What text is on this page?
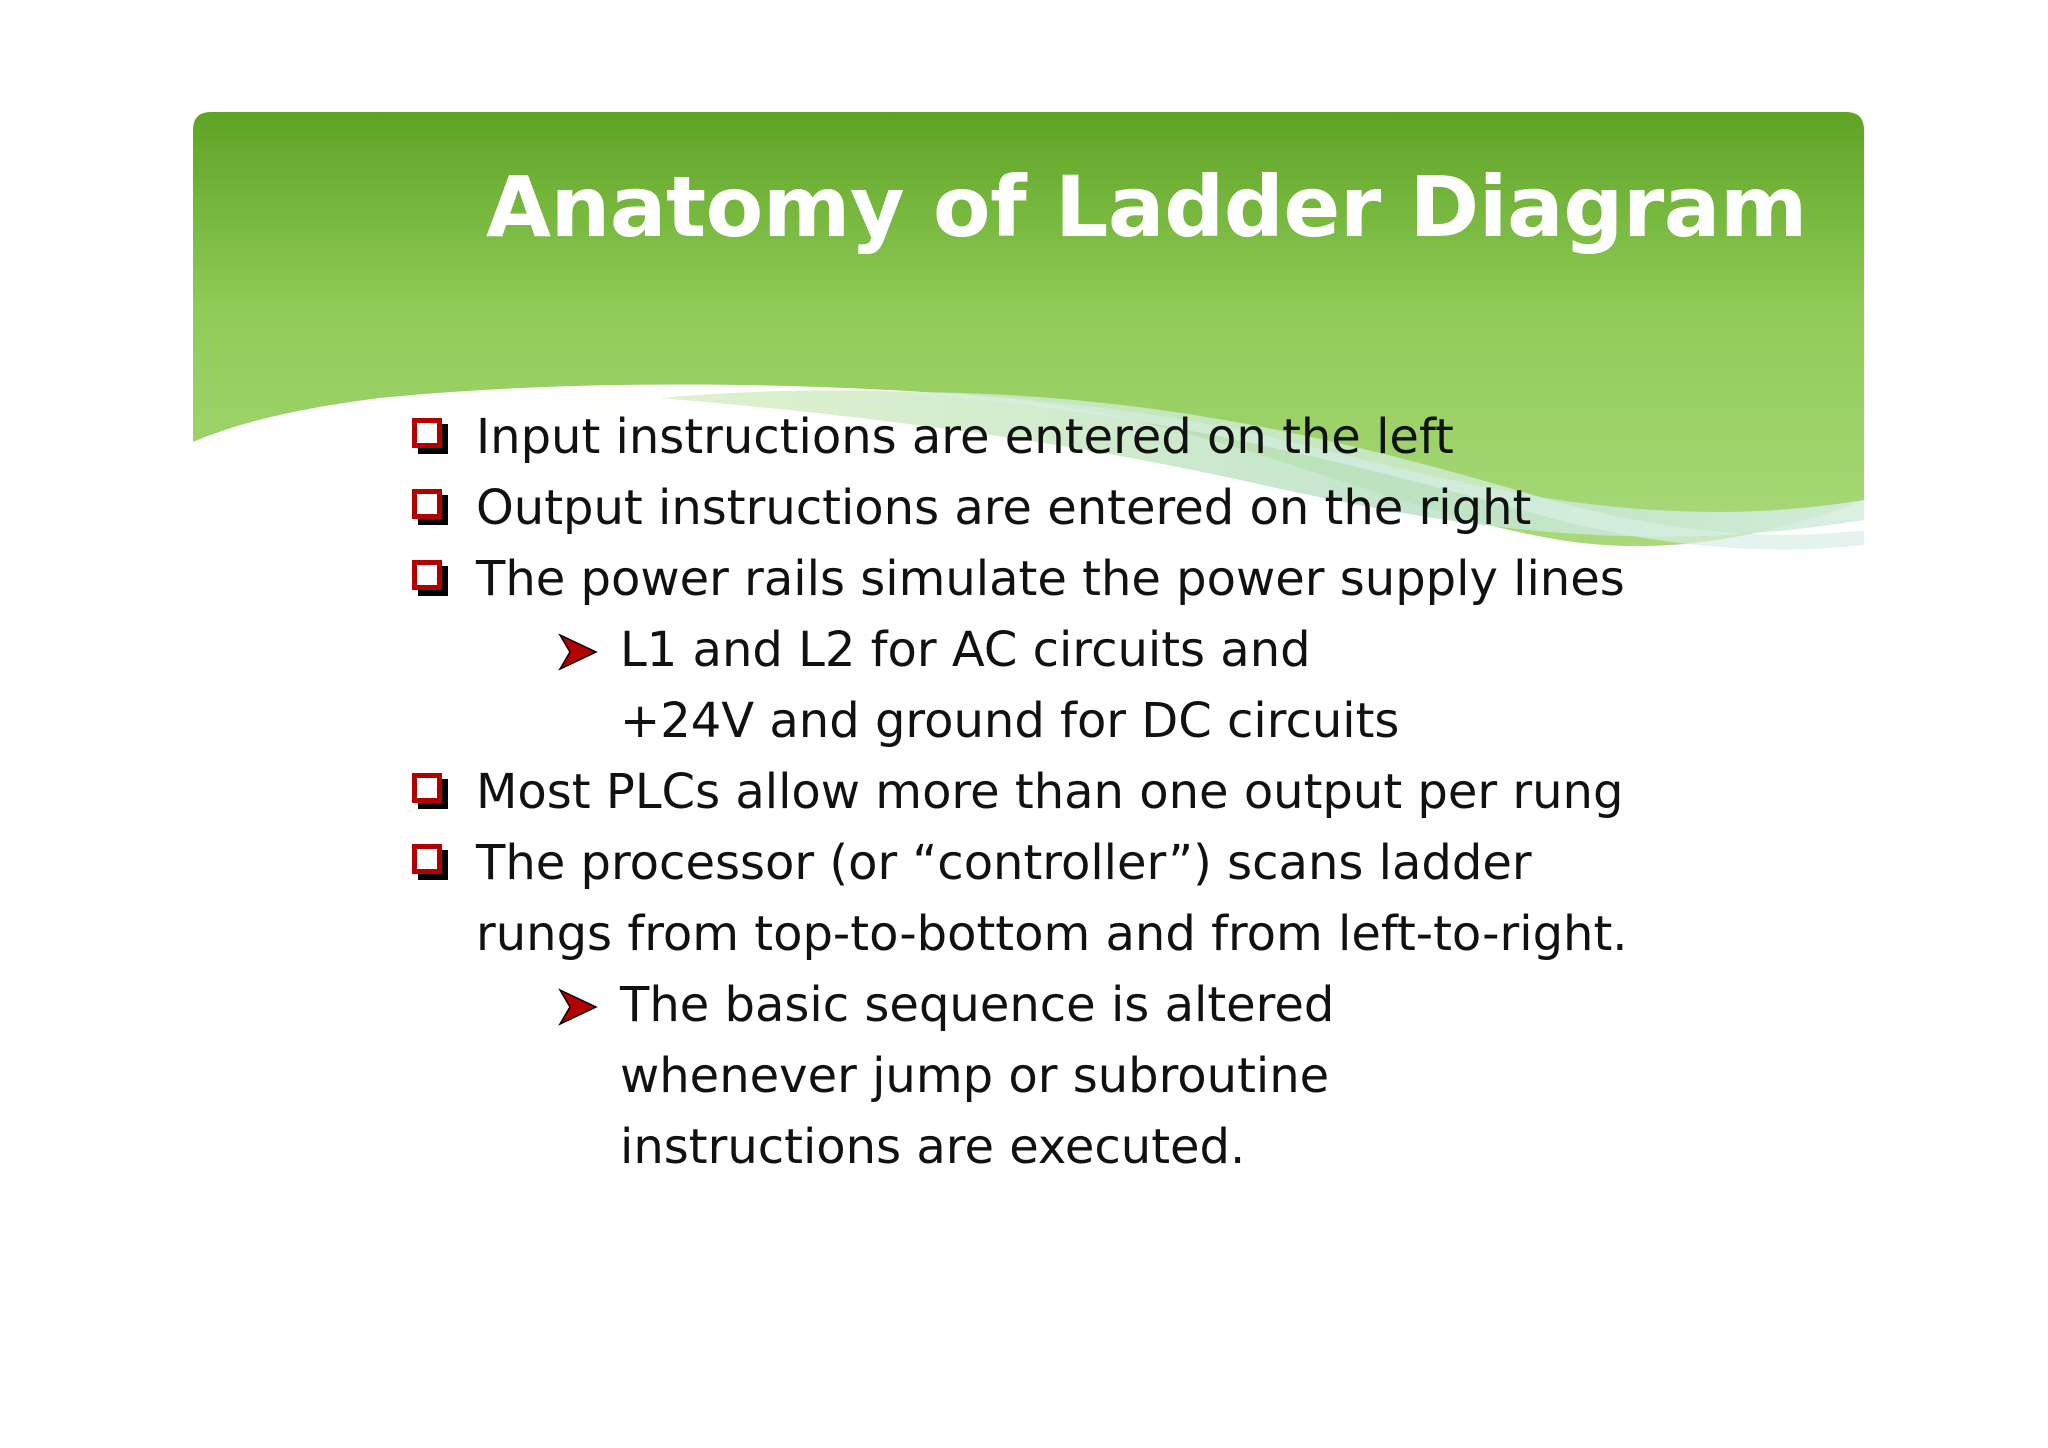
Anatomy of Ladder Diagram
Input instructions are entered on the left
Output instructions are entered on the right
The power rails simulate the power supply lines
L1 and L2 for AC circuits and +24V and ground for DC circuits
Most PLCs allow more than one output per rung
The processor (or “controller”) scans ladder rungs from top-to-bottom and from left-to-right.
The basic sequence is altered whenever jump or subroutine instructions are executed.
